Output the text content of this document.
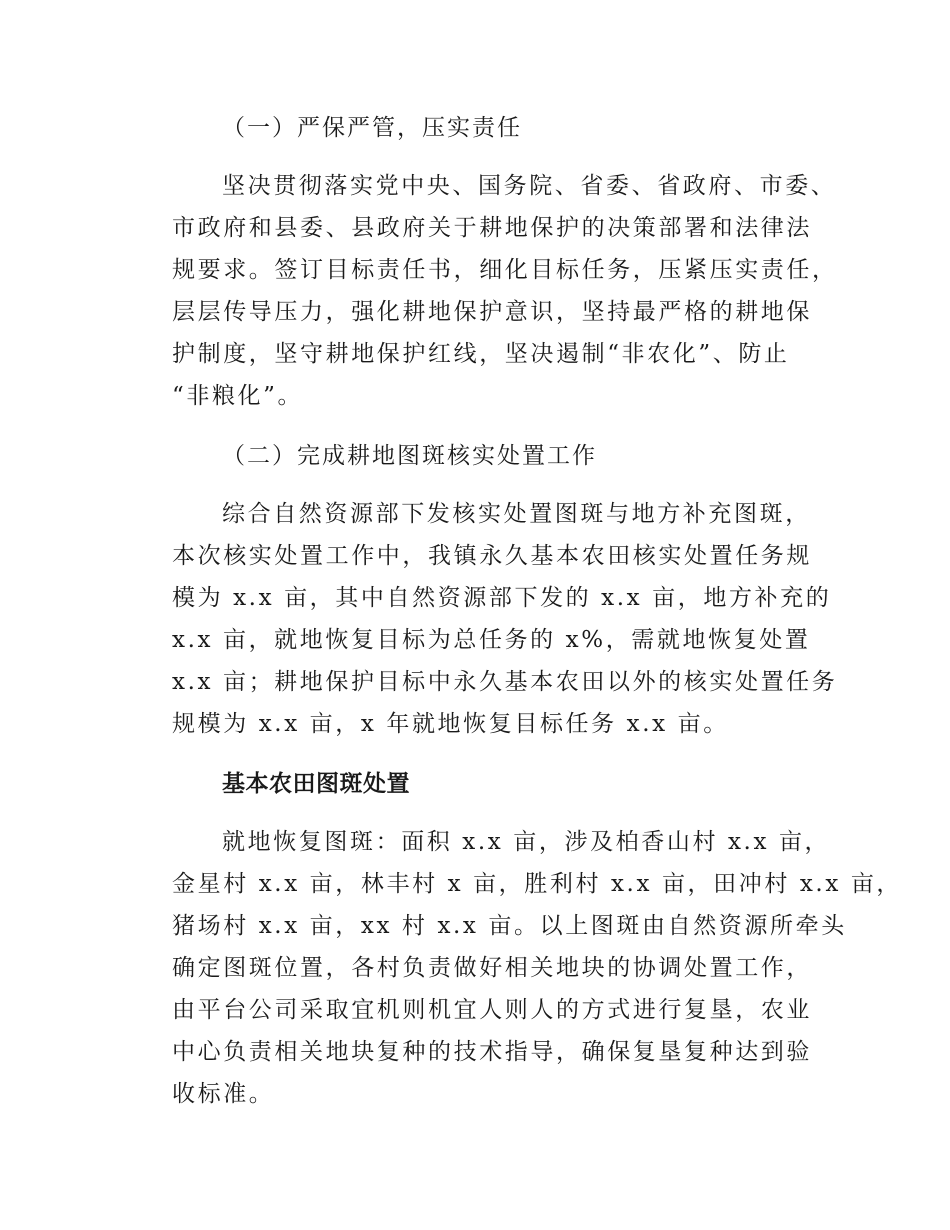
（一）严保严管，压实责任
坚决贯彻落实党中央、国务院、省委、省政府、市委、
市政府和县委、县政府关于耕地保护的决策部署和法律法
规要求。签订目标责任书，细化目标任务，压紧压实责任，
层层传导压力，强化耕地保护意识，坚持最严格的耕地保
护制度，坚守耕地保护红线，坚决遏制“非农化”、防止
“非粮化”。
（二）完成耕地图斑核实处置工作
综合自然资源部下发核实处置图斑与地方补充图斑，
本次核实处置工作中，我镇永久基本农田核实处置任务规
模为 x.x 亩，其中自然资源部下发的 x.x 亩，地方补充的
x.x 亩，就地恢复目标为总任务的 x%，需就地恢复处置
x.x 亩；耕地保护目标中永久基本农田以外的核实处置任务
规模为 x.x 亩，x 年就地恢复目标任务 x.x 亩。
基本农田图斑处置
就地恢复图斑：面积 x.x 亩，涉及柏香山村 x.x 亩，
金星村 x.x 亩，林丰村 x 亩，胜利村 x.x 亩，田冲村 x.x 亩，
猪场村 x.x 亩，xx 村 x.x 亩。以上图斑由自然资源所牵头
确定图斑位置，各村负责做好相关地块的协调处置工作，
由平台公司采取宜机则机宜人则人的方式进行复垦，农业
中心负责相关地块复种的技术指导，确保复垦复种达到验
收标准。
